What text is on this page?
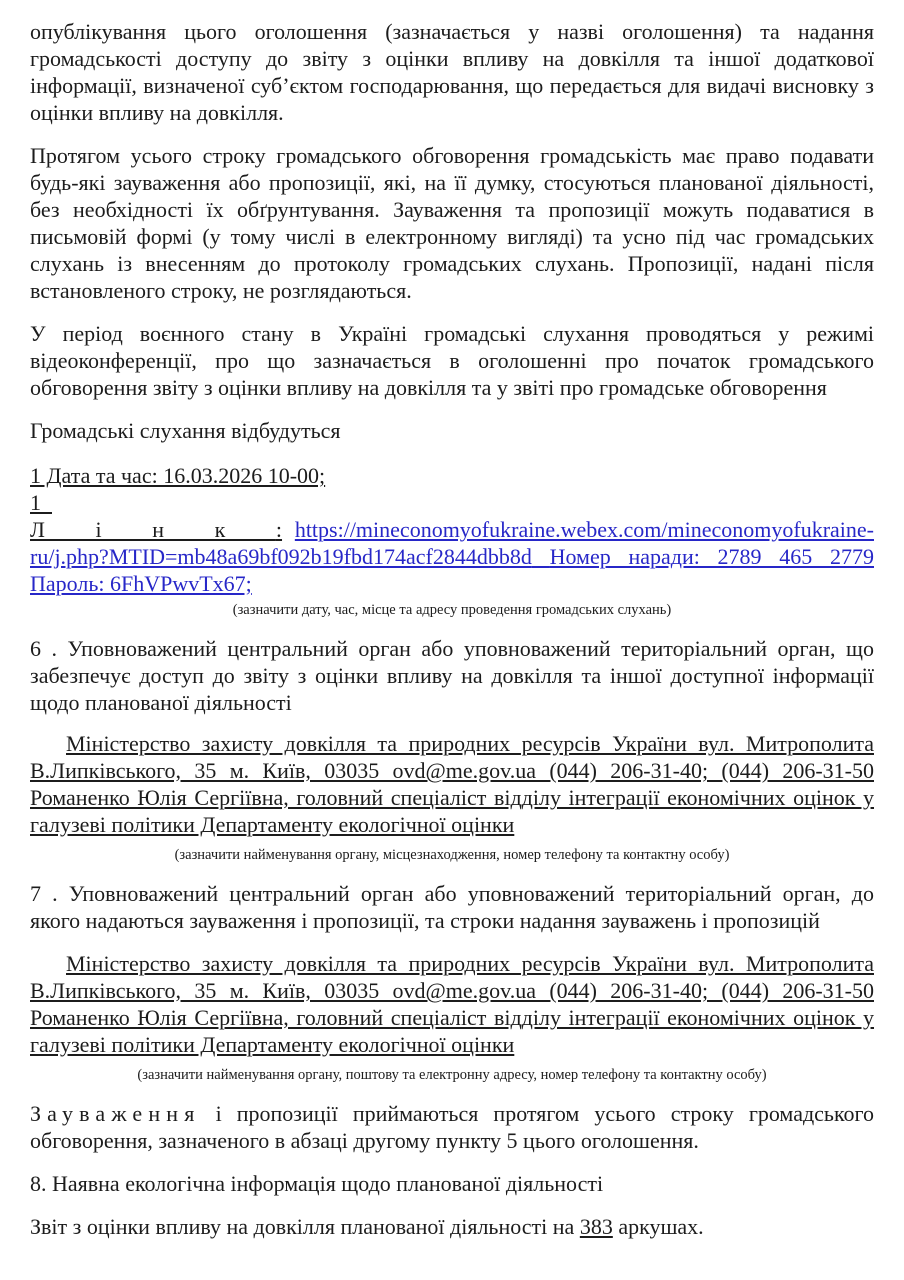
опублікування цього оголошення (зазначається у назві оголошення) та надання громадськості доступу до звіту з оцінки впливу на довкілля та іншої додаткової інформації, визначеної суб’єктом господарювання, що передається для видачі висновку з оцінки впливу на довкілля.

Протягом усього строку громадського обговорення громадськість має право подавати будь-які зауваження або пропозиції, які, на її думку, стосуються планованої діяльності, без необхідності їх обґрунтування. Зауваження та пропозиції можуть подаватися в письмовій формі (у тому числі в електронному вигляді) та усно під час громадських слухань із внесенням до протоколу громадських слухань. Пропозиції, надані після встановленого строку, не розглядаються.

У період воєнного стану в Україні громадські слухання проводяться у режимі відеоконференції, про що зазначається в оголошенні про початок громадського обговорення звіту з оцінки впливу на довкілля та у звіті про громадське обговорення

Громадські слухання відбудуться

1 Дата та час: 16.03.2026 10-00;

1

Лінк: https://mineconomyofukraine.webex.com/mineconomyofukraine-ru/j.php?MTID=mb48a69bf092b19fbd174acf2844dbb8d Номер наради: 2789 465 2779 Пароль: 6FhVPwvTx67;

(зазначити дату, час, місце та адресу проведення громадських слухань)

6 . Уповноважений центральний орган або уповноважений територіальний орган, що забезпечує доступ до звіту з оцінки впливу на довкілля та іншої доступної інформації щодо планованої діяльності

Міністерство захисту довкілля та природних ресурсів України вул. Митрополита В.Липківського, 35 м. Київ, 03035 ovd@me.gov.ua (044) 206-31-40; (044) 206-31-50 Романенко Юлія Сергіївна, головний спеціаліст відділу інтеграції економічних оцінок у галузеві політики Департаменту екологічної оцінки

(зазначити найменування органу, місцезнаходження, номер телефону та контактну особу)

7 . Уповноважений центральний орган або уповноважений територіальний орган, до якого надаються зауваження і пропозиції, та строки надання зауважень і пропозицій

Міністерство захисту довкілля та природних ресурсів України вул. Митрополита В.Липківського, 35 м. Київ, 03035 ovd@me.gov.ua (044) 206-31-40; (044) 206-31-50 Романенко Юлія Сергіївна, головний спеціаліст відділу інтеграції економічних оцінок у галузеві політики Департаменту екологічної оцінки

(зазначити найменування органу, поштову та електронну адресу, номер телефону та контактну особу)

Зауваження і пропозиції приймаються протягом усього строку громадського обговорення, зазначеного в абзаці другому пункту 5 цього оголошення.

8. Наявна екологічна інформація щодо планованої діяльності

Звіт з оцінки впливу на довкілля планованої діяльності на 383 аркушах.
